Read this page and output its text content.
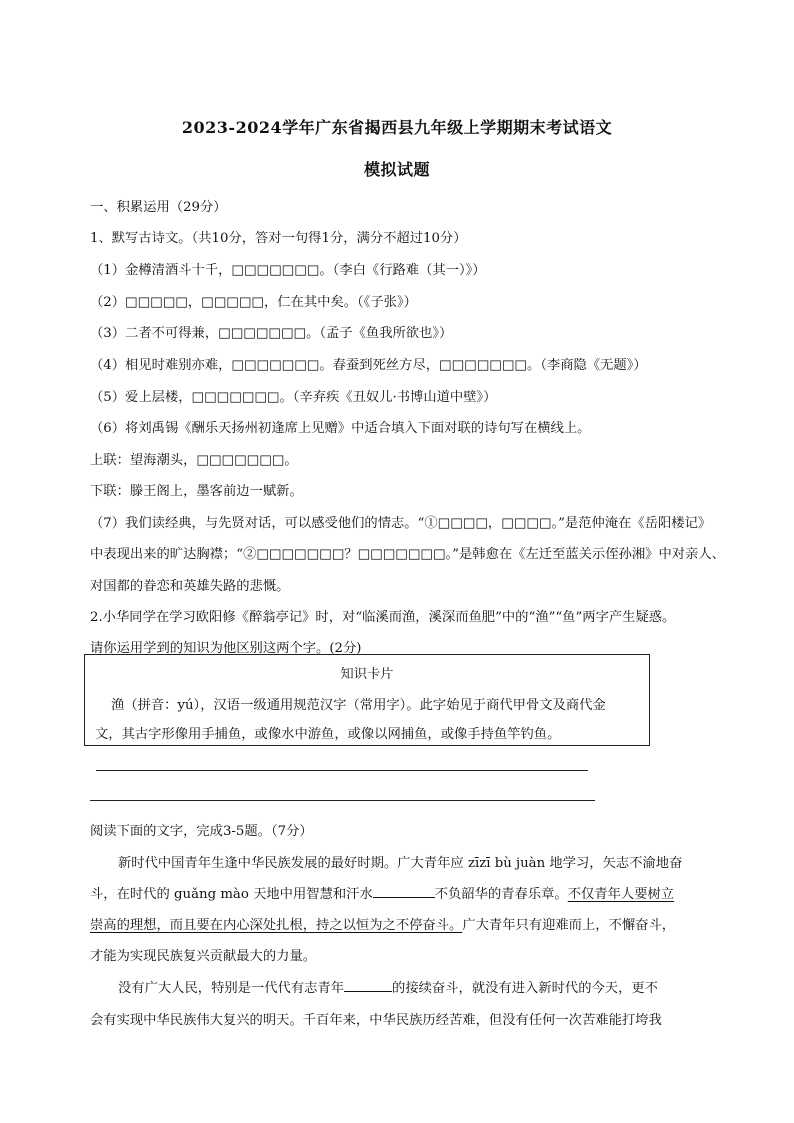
2023-2024学年广东省揭西县九年级上学期期末考试语文
模拟试题
一、积累运用（29分）
1、默写古诗文。（共10分，答对一句得1分，满分不超过10分）
（1）金樽清酒斗十千，□□□□□□□。（李白《行路难（其一）》）
（2）□□□□□，□□□□□，仁在其中矣。（《子张》）
（3）二者不可得兼，□□□□□□□。（孟子《鱼我所欲也》）
（4）相见时难别亦难，□□□□□□□。春蚕到死丝方尽，□□□□□□□。（李商隐《无题》）
（5）爱上层楼，□□□□□□□。（辛弃疾《丑奴儿·书博山道中壁》）
（6）将刘禹锡《酬乐天扬州初逢席上见赠》中适合填入下面对联的诗句写在横线上。
上联：望海潮头，□□□□□□□。
下联：滕王阁上，墨客前边一赋新。
（7）我们读经典，与先贤对话，可以感受他们的情志。“①□□□□，□□□□。”是范仲淹在《岳阳楼记》
中表现出来的旷达胸襟；“②□□□□□□□？□□□□□□□。”是韩愈在《左迁至蓝关示侄孙湘》中对亲人、
对国都的眷恋和英雄失路的悲慨。
2.小华同学在学习欧阳修《醉翁亭记》时，对“临溪而渔，溪深而鱼肥”中的“渔”“鱼”两字产生疑惑。
请你运用学到的知识为他区别这两个字。(2分)
知识卡片
渔（拼音：yú），汉语一级通用规范汉字（常用字）。此字始见于商代甲骨文及商代金
文，其古字形像用手捕鱼，或像水中游鱼，或像以网捕鱼，或像手持鱼竿钓鱼。
阅读下面的文字，完成3-5题。（7分）
新时代中国青年生逢中华民族发展的最好时期。广大青年应 zīzī bù juàn 地学习，矢志不渝地奋
斗，在时代的 guǎng mào 天地中用智慧和汗水	不负韶华的青春乐章。不仅青年人要树立
崇高的理想，而且要在内心深处扎根，持之以恒为之不停奋斗。广大青年只有迎难而上，不懈奋斗，
才能为实现民族复兴贡献最大的力量。
没有广大人民，特别是一代代有志青年	的接续奋斗，就没有进入新时代的今天，更不
会有实现中华民族伟大复兴的明天。千百年来，中华民族历经苦难，但没有任何一次苦难能打垮我
